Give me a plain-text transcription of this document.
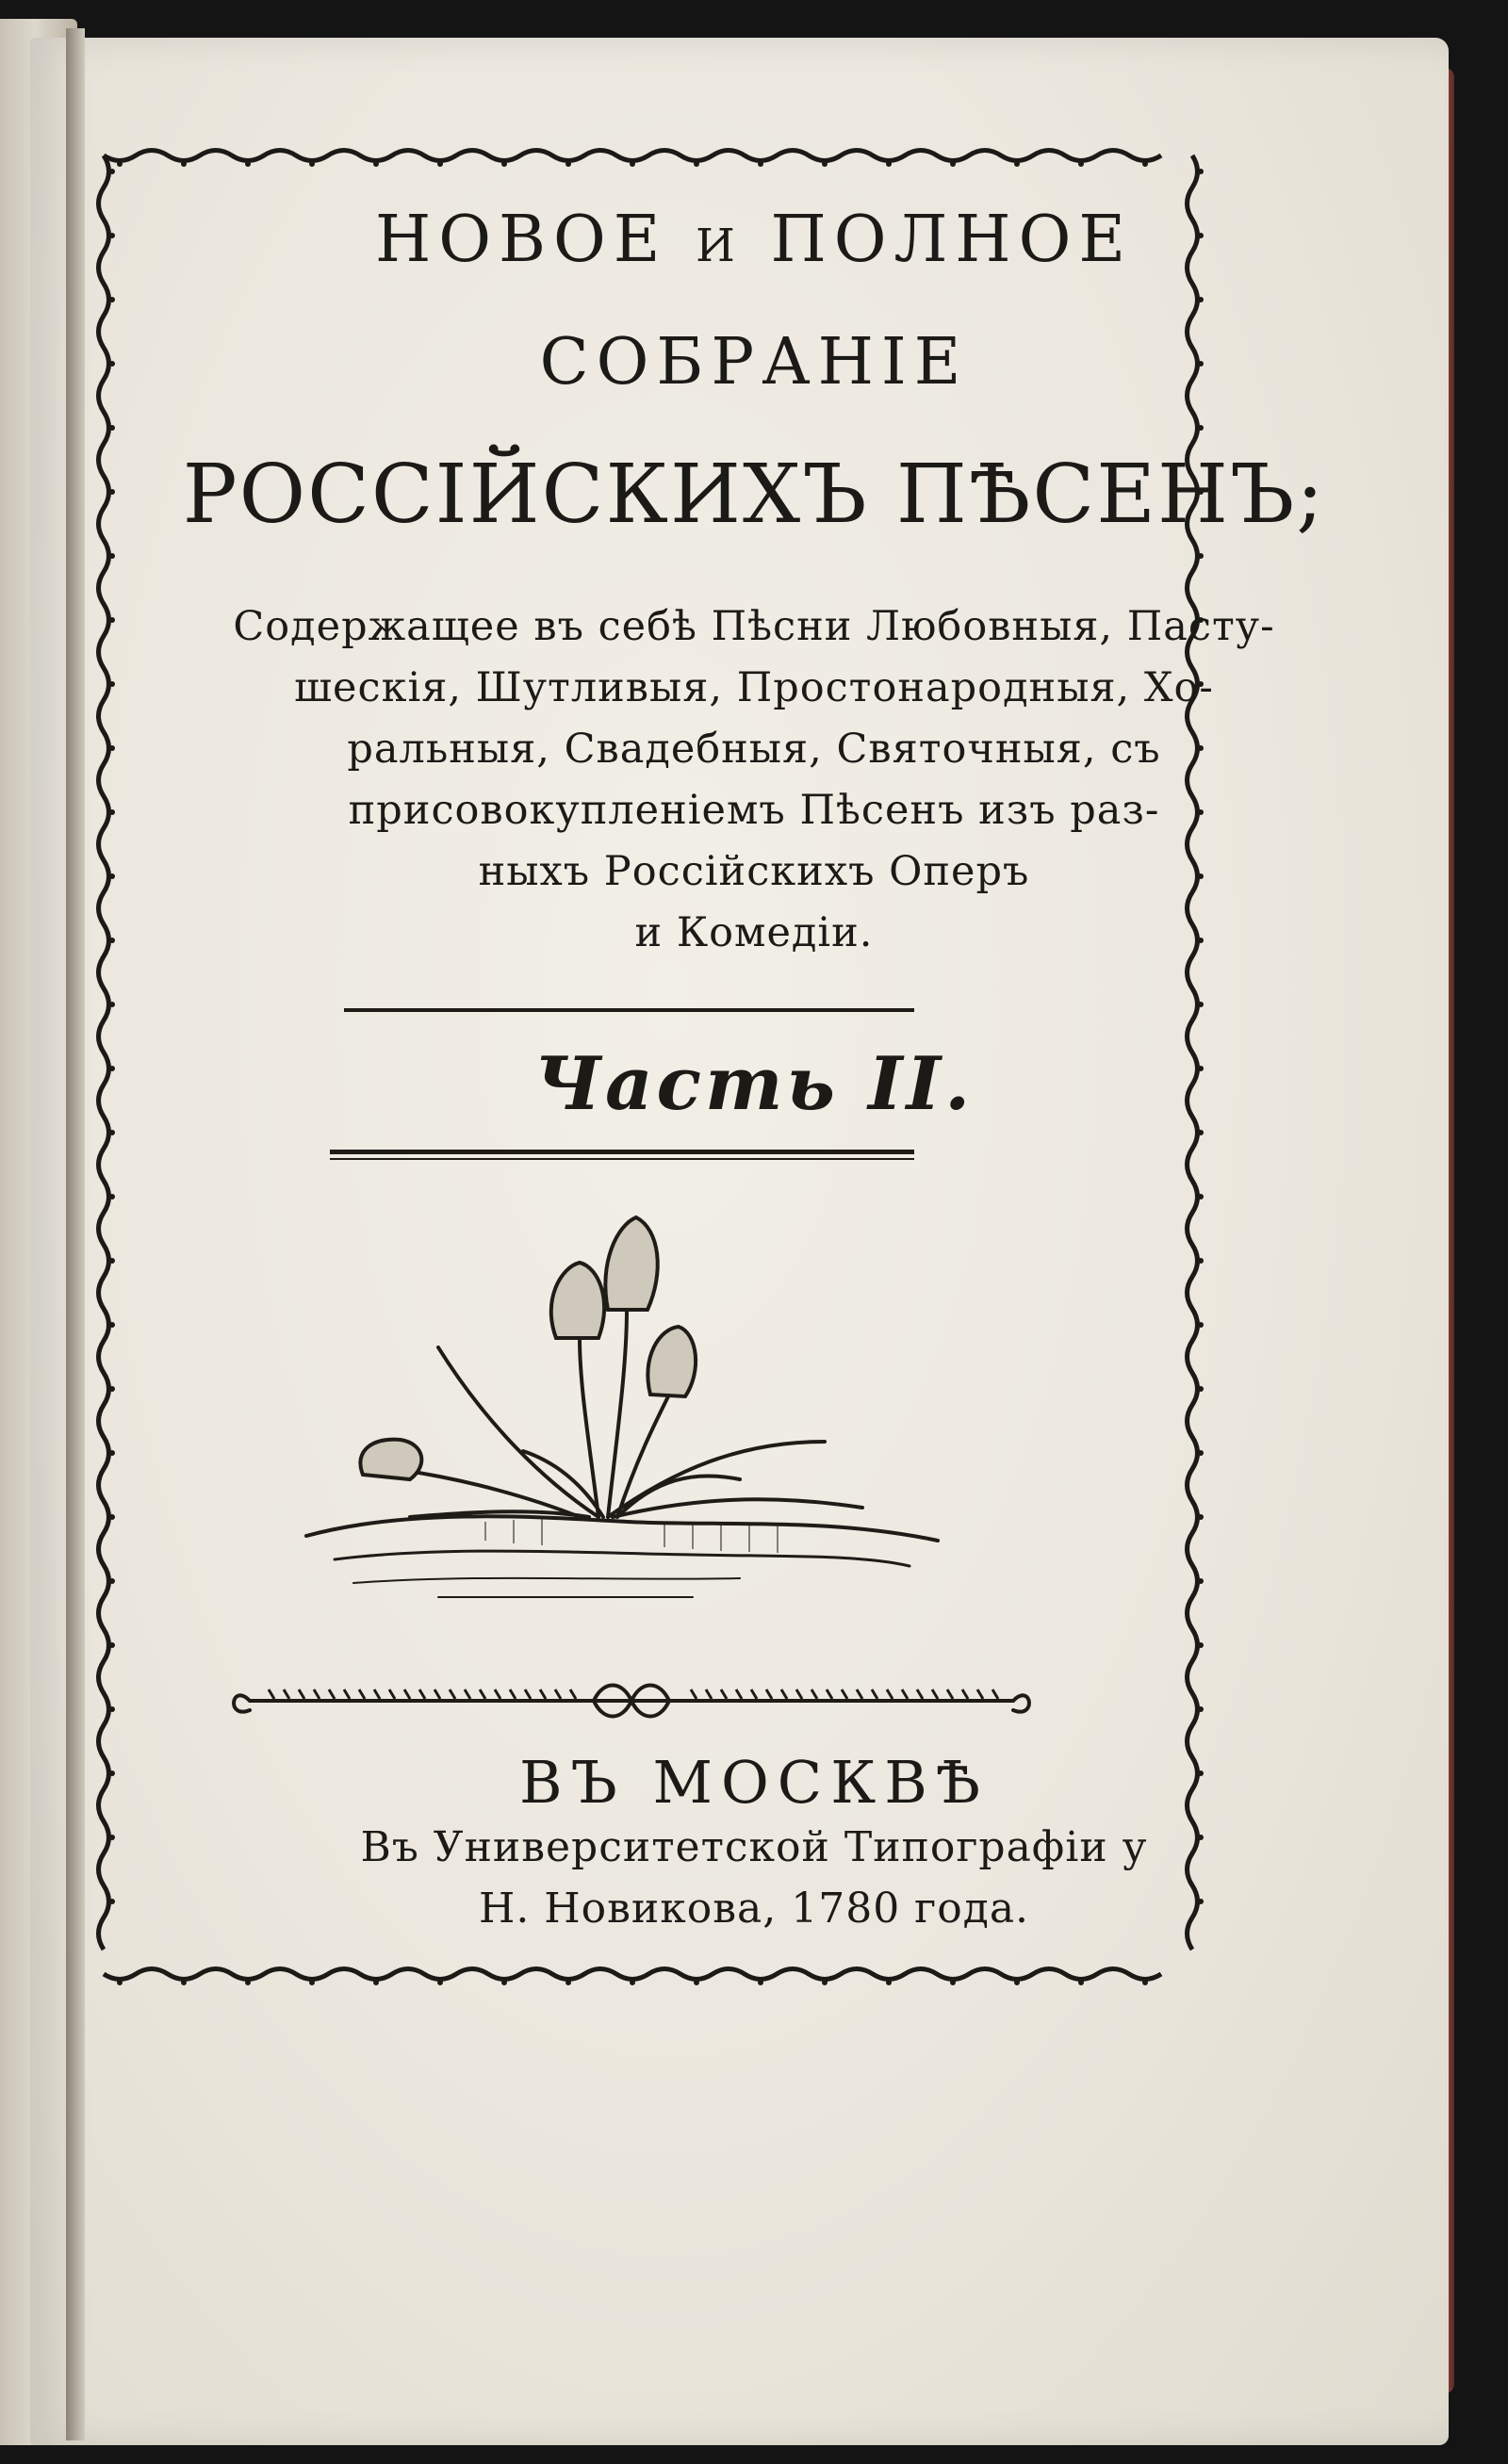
НОВОЕ и ПОЛНОЕ
СОБРАНІЕ
РОССІЙСКИХЪ ПѢСЕНЪ;
Содержащее въ себѣ Пѣсни Любовныя, Пасту-
шескія, Шутливыя, Простонародныя, Хо-
ральныя, Свадебныя, Святочныя, съ
присовокупленіемъ Пѣсенъ изъ раз-
ныхъ Россійскихъ Оперъ
и Комедіи.
Часть II.
ВЪ МОСКВѢ
Въ Университетской Типографіи у
Н. Новикова, 1780 года.
